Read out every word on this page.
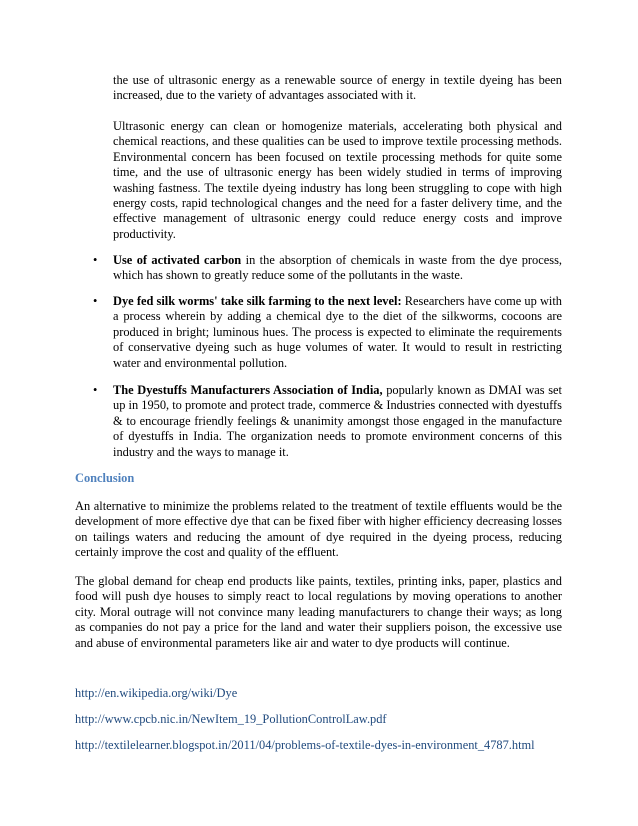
the use of ultrasonic energy as a renewable source of energy in textile dyeing has been increased, due to the variety of advantages associated with it.

Ultrasonic energy can clean or homogenize materials, accelerating both physical and chemical reactions, and these qualities can be used to improve textile processing methods. Environmental concern has been focused on textile processing methods for quite some time, and the use of ultrasonic energy has been widely studied in terms of improving washing fastness. The textile dyeing industry has long been struggling to cope with high energy costs, rapid technological changes and the need for a faster delivery time, and the effective management of ultrasonic energy could reduce energy costs and improve productivity.

• Use of activated carbon in the absorption of chemicals in waste from the dye process, which has shown to greatly reduce some of the pollutants in the waste.

• Dye fed silk worms' take silk farming to the next level: Researchers have come up with a process wherein by adding a chemical dye to the diet of the silkworms, cocoons are produced in bright; luminous hues. The process is expected to eliminate the requirements of conservative dyeing such as huge volumes of water. It would to result in restricting water and environmental pollution.

• The Dyestuffs Manufacturers Association of India, popularly known as DMAI was set up in 1950, to promote and protect trade, commerce & Industries connected with dyestuffs & to encourage friendly feelings & unanimity amongst those engaged in the manufacture of dyestuffs in India. The organization needs to promote environment concerns of this industry and the ways to manage it.

Conclusion

An alternative to minimize the problems related to the treatment of textile effluents would be the development of more effective dye that can be fixed fiber with higher efficiency decreasing losses on tailings waters and reducing the amount of dye required in the dyeing process, reducing certainly improve the cost and quality of the effluent.

The global demand for cheap end products like paints, textiles, printing inks, paper, plastics and food will push dye houses to simply react to local regulations by moving operations to another city. Moral outrage will not convince many leading manufacturers to change their ways; as long as companies do not pay a price for the land and water their suppliers poison, the excessive use and abuse of environmental parameters like air and water to dye products will continue.

http://en.wikipedia.org/wiki/Dye
http://www.cpcb.nic.in/NewItem_19_PollutionControlLaw.pdf
http://textilelearner.blogspot.in/2011/04/problems-of-textile-dyes-in-environment_4787.html
